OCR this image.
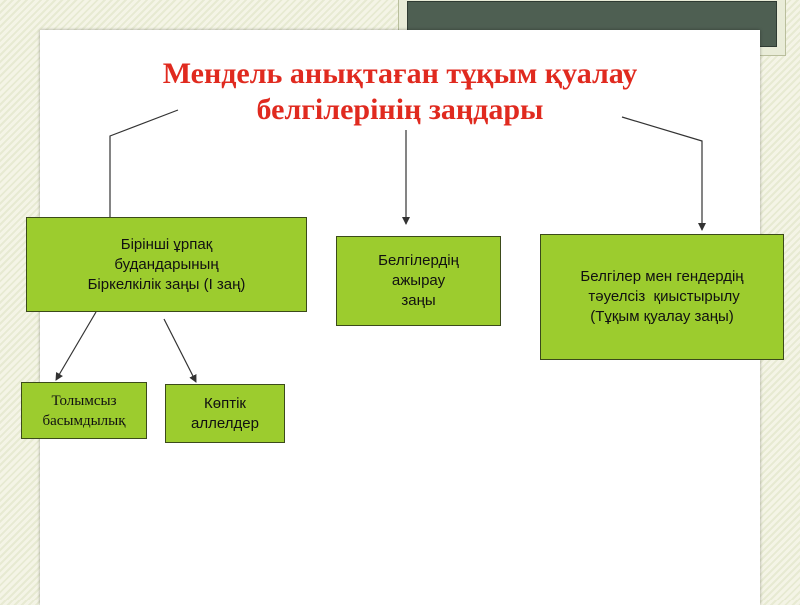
Мендель анықтаған тұқым қуалау
белгілерінің заңдары
Бірінші ұрпақ
будандарының
Біркелкілік заңы (І заң)
Белгілердің
ажырау
заңы
Белгілер мен гендердің
тәуелсіз  қиыстырылу
(Тұқым қуалау заңы)
Толымсыз
басымдылық
Көптік
аллелдер
